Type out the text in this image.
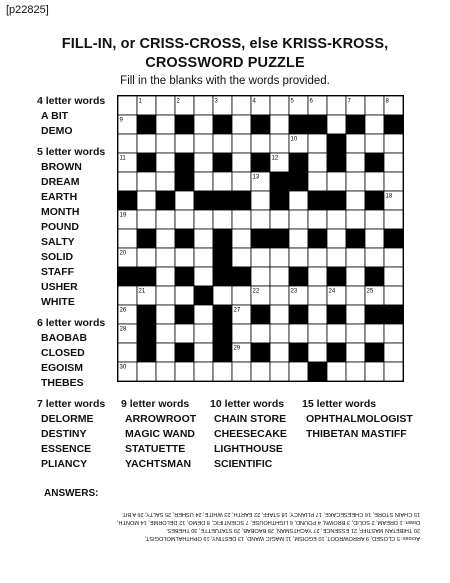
[p22825]
FILL-IN, or CRISS-CROSS, else KRISS-KROSS,
CROSSWORD PUZZLE
Fill in the blanks with the words provided.
4 letter words
A BIT
DEMO
5 letter words
BROWN
DREAM
EARTH
MONTH
POUND
SALTY
SOLID
STAFF
USHER
WHITE
6 letter words
BAOBAB
CLOSED
EGOISM
THEBES
7 letter words
DELORME
DESTINY
ESSENCE
PLIANCY
9 letter words
ARROWROOT
MAGIC WAND
STATUETTE
YACHTSMAN
10 letter words
CHAIN STORE
CHEESECAKE
LIGHTHOUSE
SCIENTIFIC
15 letter words
OPHTHALMOLOGIST
THIBETAN MASTIFF
1	2	3	4	5	6	7	8
9
10
11	12
13
14	15	16	17	18
19
20
21	22	23	24	25
26	27
28
29
30
ANSWERS:
Across: 5 CLOSED, 9 ARROWROOT, 10 EGOISM, 11 MAGIC WAND, 13 DESTINY, 19 OPHTHALMOLOGIST,
20 THIBETAN MASTIFF, 21 ESSENCE, 27 YACHTSMAN, 28 BAOBAB, 29 STATUETTE, 30 THEBES.
Down: 1 DREAM, 2 SOLID, 3 BROWN, 4 POUND, 6 LIGHTHOUSE, 7 SCIENTIFIC, 8 DEMO, 12 DELORME, 14 MONTH,
15 CHAIN STORE, 16 CHEESECAKE, 17 PLIANCY, 18 STAFF, 22 EARTH, 23 WHITE, 24 USHER, 25 SALTY, 26 A BIT.
